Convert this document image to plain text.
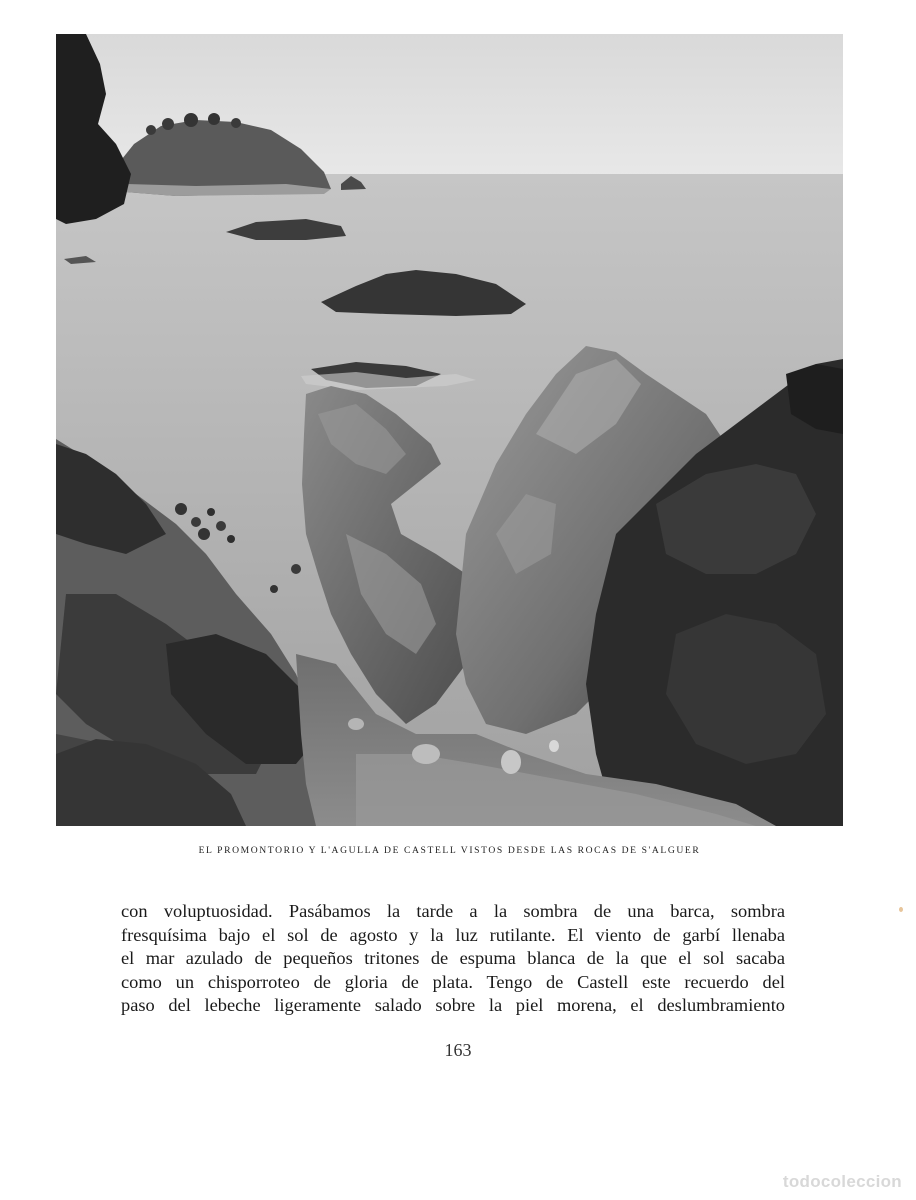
EL PROMONTORIO Y L'AGULLA DE CASTELL VISTOS DESDE LAS ROCAS DE S'ALGUER
con voluptuosidad. Pasábamos la tarde a la sombra de una barca, sombra
fresquísima bajo el sol de agosto y la luz rutilante. El viento de garbí llenaba
el mar azulado de pequeños tritones de espuma blanca de la que el sol sacaba
como un chisporroteo de gloria de plata. Tengo de Castell este recuerdo del
paso del lebeche ligeramente salado sobre la piel morena, el deslumbramiento
163
todocoleccion
